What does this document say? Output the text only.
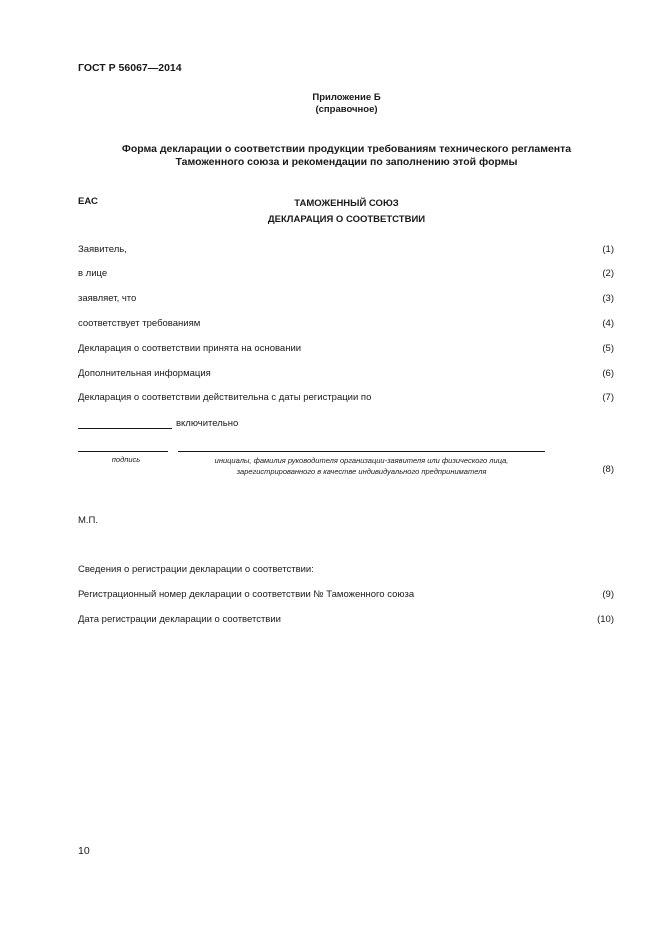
ГОСТ Р 56067—2014
Приложение Б
(справочное)
Форма декларации о соответствии продукции требованиям технического регламента
Таможенного союза и рекомендации по заполнению этой формы
ЕАС	ТАМОЖЕННЫЙ СОЮЗ
ДЕКЛАРАЦИЯ О СООТВЕТСТВИИ
Заявитель,	(1)
в лице	(2)
заявляет, что	(3)
соответствует требованиям	(4)
Декларация о соответствии принята на основании	(5)
Дополнительная информация	(6)
Декларация о соответствии действительна с даты регистрации по	(7)
включительно
подпись	инициалы, фамилия руководителя организации-заявителя или физического лица, зарегистрированного в качестве индивидуального предпринимателя	(8)
М.П.
Сведения о регистрации декларации о соответствии:
Регистрационный номер декларации о соответствии № Таможенного союза	(9)
Дата регистрации декларации о соответствии	(10)
10
